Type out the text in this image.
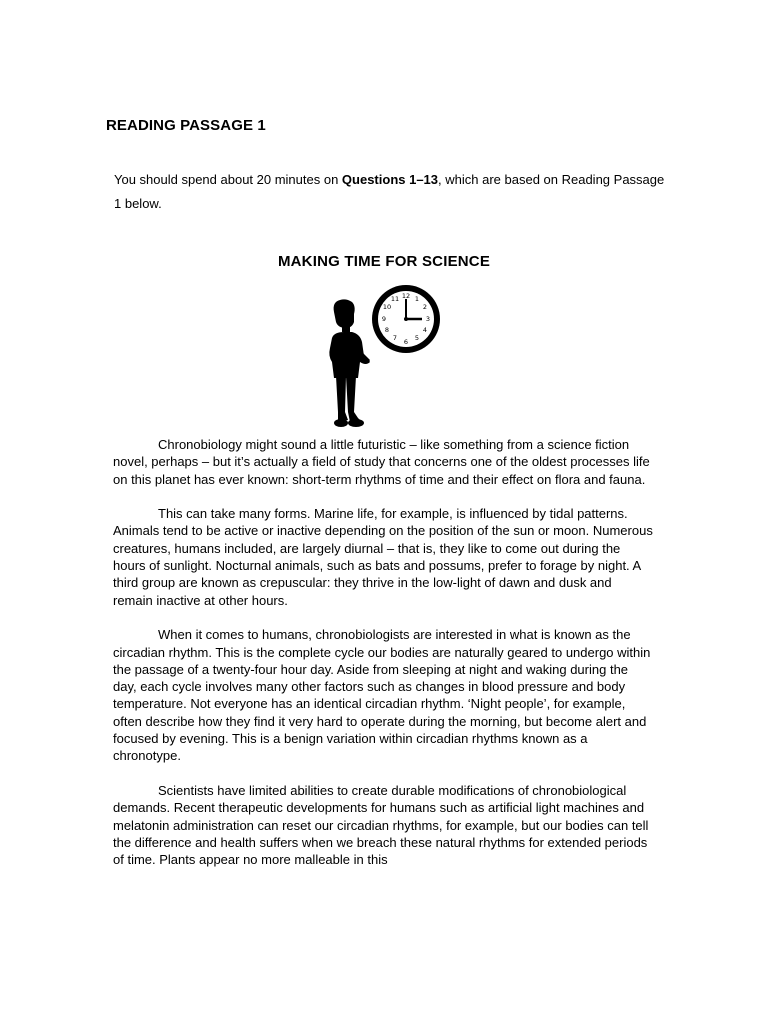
READING PASSAGE 1
You should spend about 20 minutes on Questions 1–13, which are based on Reading Passage 1 below.
MAKING TIME FOR SCIENCE
12 1
2
3
4
5
6
7
8
9
10
11

Chronobiology might sound a little futuristic – like something from a science fiction novel, perhaps – but it’s actually a field of study that concerns one of the oldest processes life on this planet has ever known: short-term rhythms of time and their effect on flora and fauna.

This can take many forms. Marine life, for example, is influenced by tidal patterns. Animals tend to be active or inactive depending on the position of the sun or moon. Numerous creatures, humans included, are largely diurnal – that is, they like to come out during the hours of sunlight. Nocturnal animals, such as bats and possums, prefer to forage by night. A third group are known as crepuscular: they thrive in the low-light of dawn and dusk and remain inactive at other hours.

When it comes to humans, chronobiologists are interested in what is known as the circadian rhythm. This is the complete cycle our bodies are naturally geared to undergo within the passage of a twenty-four hour day. Aside from sleeping at night and waking during the day, each cycle involves many other factors such as changes in blood pressure and body temperature. Not everyone has an identical circadian rhythm. ‘Night people’, for example, often describe how they find it very hard to operate during the morning, but become alert and focused by evening. This is a benign variation within circadian rhythms known as a chronotype.

Scientists have limited abilities to create durable modifications of chronobiological demands. Recent therapeutic developments for humans such as artificial light machines and melatonin administration can reset our circadian rhythms, for example, but our bodies can tell the difference and health suffers when we breach these natural rhythms for extended periods of time. Plants appear no more malleable in this
